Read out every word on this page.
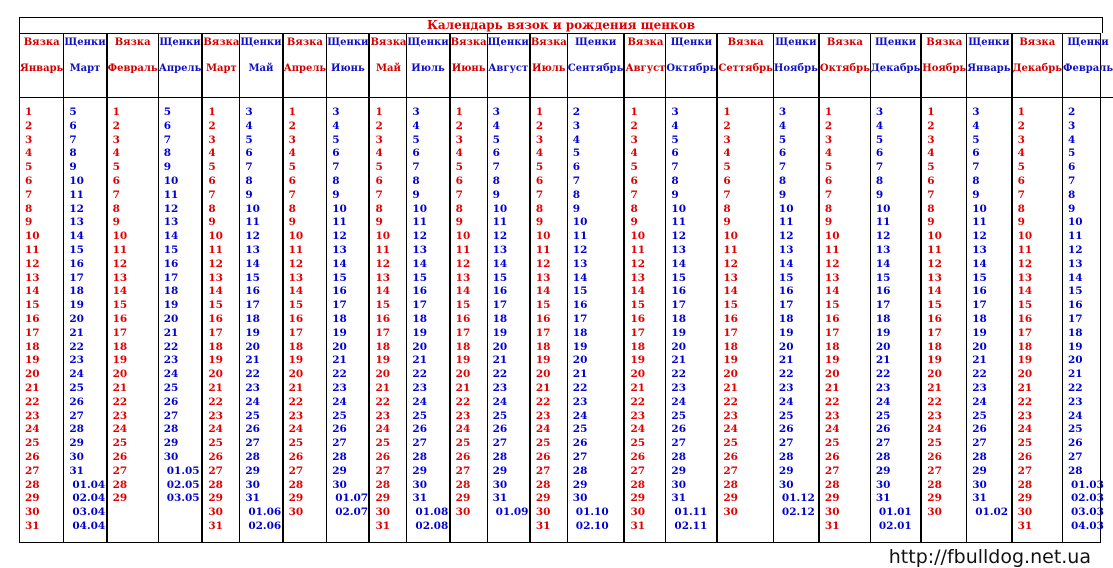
Календарь вязок и рождения щенков
Вязка
Январь
1
2
3
4
5
6
7
8
9
10
11
12
13
14
15
16
17
18
19
20
21
22
23
24
25
26
27
28
29
30
31
Щенки
Март
5
6
7
8
9
10
11
12
13
14
15
16
17
18
19
20
21
22
23
24
25
26
27
28
29
30
31
01.04
02.04
03.04
04.04
Вязка
Февраль
1
2
3
4
5
6
7
8
9
10
11
12
13
14
15
16
17
18
19
20
21
22
23
24
25
26
27
28
29
Щенки
Апрель
5
6
7
8
9
10
11
12
13
14
15
16
17
18
19
20
21
22
23
24
25
26
27
28
29
30
01.05
02.05
03.05
Вязка
Март
1
2
3
4
5
6
7
8
9
10
11
12
13
14
15
16
17
18
19
20
21
22
23
24
25
26
27
28
29
30
31
Щенки
Май
3
4
5
6
7
8
9
10
11
12
13
14
15
16
17
18
19
20
21
22
23
24
25
26
27
28
29
30
31
01.06
02.06
Вязка
Апрель
1
2
3
4
5
6
7
8
9
10
11
12
13
14
15
16
17
18
19
20
21
22
23
24
25
26
27
28
29
30
Щенки
Июнь
3
4
5
6
7
8
9
10
11
12
13
14
15
16
17
18
19
20
21
22
23
24
25
26
27
28
29
30
01.07
02.07
Вязка
Май
1
2
3
4
5
6
7
8
9
10
11
12
13
14
15
16
17
18
19
20
21
22
23
24
25
26
27
28
29
30
31
Щенки
Июль
3
4
5
6
7
8
9
10
11
12
13
14
15
16
17
18
19
20
21
22
23
24
25
26
27
28
29
30
31
01.08
02.08
Вязка
Июнь
1
2
3
4
5
6
7
8
9
10
11
12
13
14
15
16
17
18
19
20
21
22
23
24
25
26
27
28
29
30
Щенки
Август
3
4
5
6
7
8
9
10
11
12
13
14
15
16
17
18
19
20
21
22
23
24
25
26
27
28
29
30
31
01.09
Вязка
Июль
1
2
3
4
5
6
7
8
9
10
11
12
13
14
15
16
17
18
19
20
21
22
23
24
25
26
27
28
29
30
31
Щенки
Сентябрь
2
3
4
5
6
7
8
9
10
11
12
13
14
15
16
17
18
19
20
21
22
23
24
25
26
27
28
29
30
01.10
02.10
Вязка
Август
1
2
3
4
5
6
7
8
9
10
11
12
13
14
15
16
17
18
19
20
21
22
23
24
25
26
27
28
29
30
31
Щенки
Октябрь
3
4
5
6
7
8
9
10
11
12
13
14
15
16
17
18
19
20
21
22
23
24
25
26
27
28
29
30
31
01.11
02.11
Вязка
Сеттябрь
1
2
3
4
5
6
7
8
9
10
11
12
13
14
15
16
17
18
19
20
21
22
23
24
25
26
27
28
29
30
Щенки
Ноябрь
3
4
5
6
7
8
9
10
11
12
13
14
15
16
17
18
19
20
21
22
23
24
25
26
27
28
29
30
01.12
02.12
Вязка
Октябрь
1
2
3
4
5
6
7
8
9
10
11
12
13
14
15
16
17
18
19
20
21
22
23
24
25
26
27
28
29
30
31
Щенки
Декабрь
3
4
5
6
7
8
9
10
11
12
13
14
15
16
17
18
19
20
21
22
23
24
25
26
27
28
29
30
31
01.01
02.01
Вязка
Ноябрь
1
2
3
4
5
6
7
8
9
10
11
12
13
14
15
16
17
18
19
20
21
22
23
24
25
26
27
28
29
30
Щенки
Январь
3
4
5
6
7
8
9
10
11
12
13
14
15
16
17
18
19
20
21
22
23
24
25
26
27
28
29
30
31
01.02
Вязка
Декабрь
1
2
3
4
5
6
7
8
9
10
11
12
13
14
15
16
17
18
19
20
21
22
23
24
25
26
27
28
29
30
31
Щенки
Февраль
2
3
4
5
6
7
8
9
10
11
12
13
14
15
16
17
18
19
20
21
22
23
24
25
26
27
28
01.03
02.03
03.03
04.03
http://fbulldog.net.ua
